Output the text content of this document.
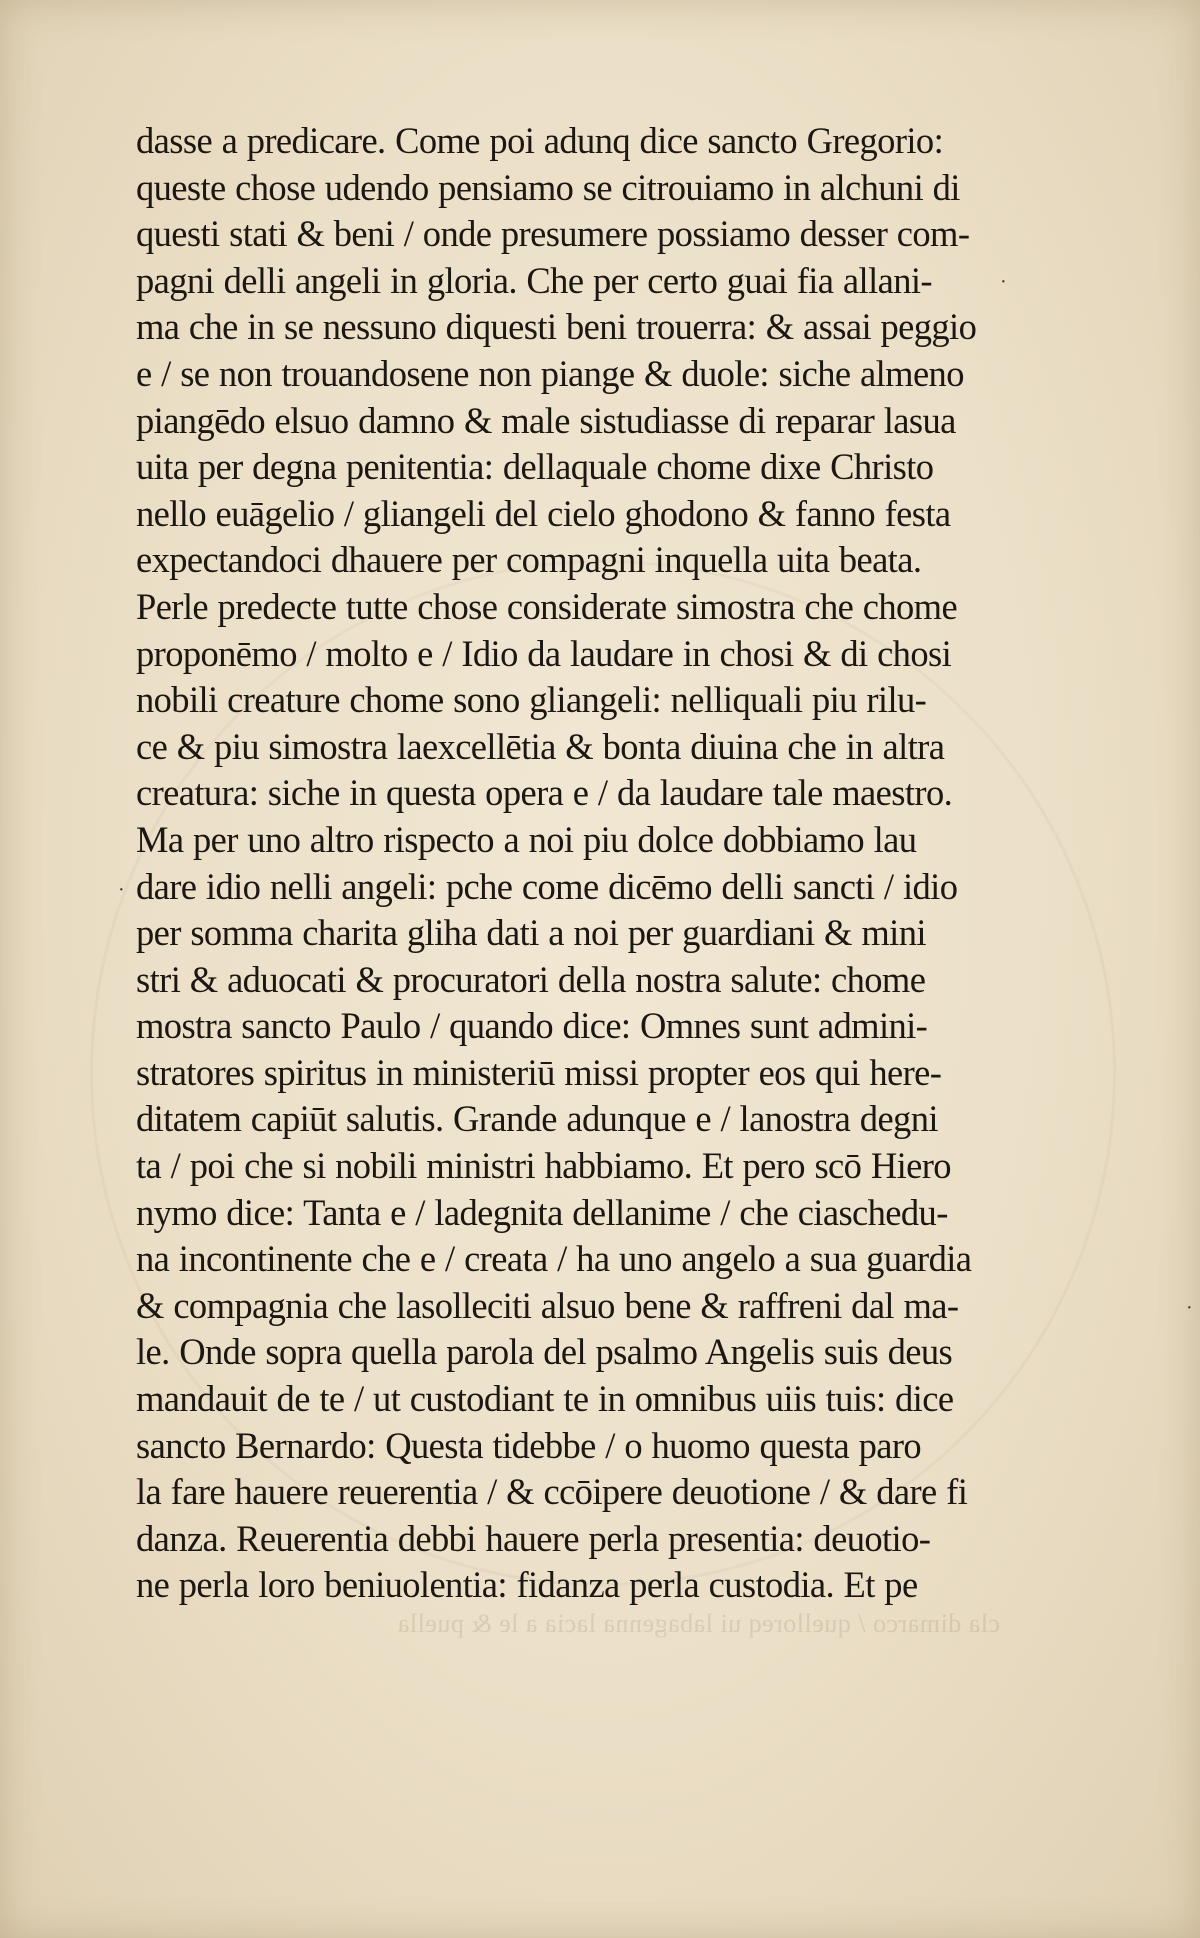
dasse a predicare. Come poi adunq dice sancto Gregorio:
queste chose udendo pensiamo se citrouiamo in alchuni di
questi stati & beni / onde presumere possiamo desser com-
pagni delli angeli in gloria. Che per certo guai fia allani-
ma che in se nessuno diquesti beni trouerra: & assai peggio
e / se non trouandosene non piange & duole: siche almeno
piangēdo elsuo damno & male sistudiasse di reparar lasua
uita per degna penitentia: dellaquale chome dixe Christo
nello euāgelio / gliangeli del cielo ghodono & fanno festa
expectandoci dhauere per compagni inquella uita beata.
Perle predecte tutte chose considerate simostra che chome
proponēmo / molto e / Idio da laudare in chosi & di chosi
nobili creature chome sono gliangeli: nelliquali piu rilu-
ce & piu simostra laexcellētia & bonta diuina che in altra
creatura: siche in questa opera e / da laudare tale maestro.
Ma per uno altro rispecto a noi piu dolce dobbiamo lau
dare idio nelli angeli: pche come dicēmo delli sancti / idio
per somma charita gliha dati a noi per guardiani & mini
stri & aduocati & procuratori della nostra salute: chome
mostra sancto Paulo / quando dice: Omnes sunt admini-
stratores spiritus in ministeriū missi propter eos qui here-
ditatem capiūt salutis. Grande adunque e / lanostra degni
ta / poi che si nobili ministri habbiamo. Et pero scō Hiero
nymo dice: Tanta e / ladegnita dellanime / che ciaschedu-
na incontinente che e / creata / ha uno angelo a sua guardia
& compagnia che lasolleciti alsuo bene & raffreni dal ma-
le. Onde sopra quella parola del psalmo Angelis suis deus
mandauit de te / ut custodiant te in omnibus uiis tuis: dice
sancto Bernardo: Questa tidebbe / o huomo questa paro
la fare hauere reuerentia / & ccōipere deuotione / & dare fi
danza. Reuerentia debbi hauere perla presentia: deuotio-
ne perla loro beniuolentia: fidanza perla custodia. Et pe
cla dimarco / quelloreq ui labagenna lacia a le & puella
·
·
·
